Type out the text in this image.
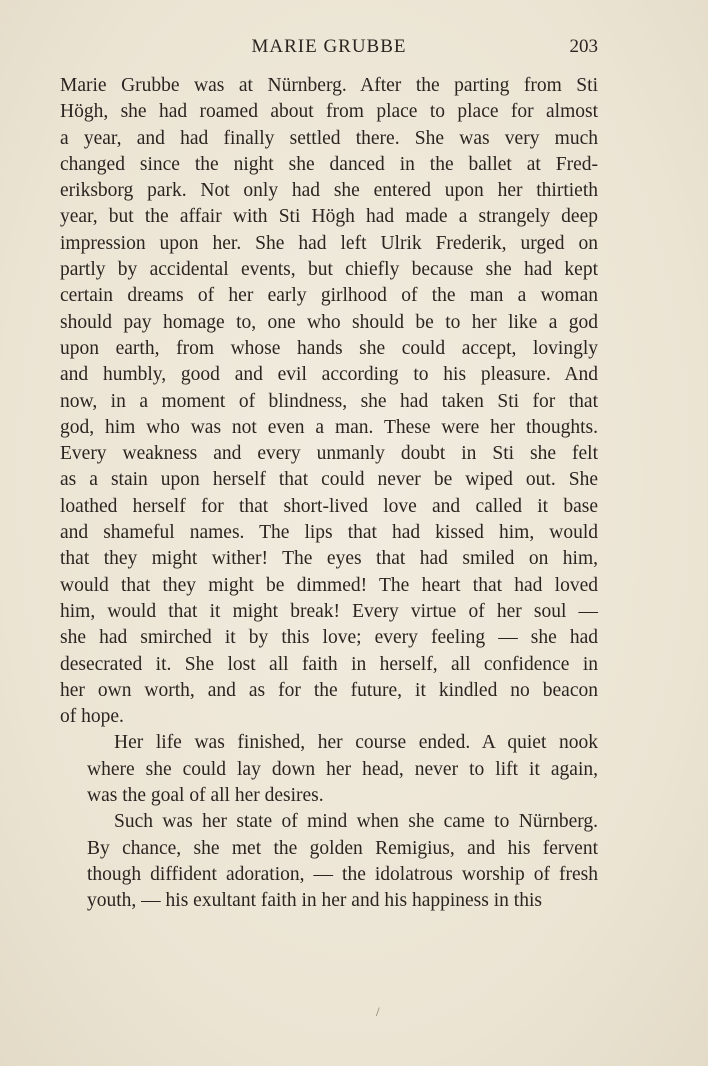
MARIE GRUBBE	203

Marie Grubbe was at Nürnberg. After the parting from Sti
Högh, she had roamed about from place to place for almost
a year, and had finally settled there. She was very much
changed since the night she danced in the ballet at Fred-
eriksborg park. Not only had she entered upon her thirtieth
year, but the affair with Sti Högh had made a strangely deep
impression upon her. She had left Ulrik Frederik, urged on
partly by accidental events, but chiefly because she had kept
certain dreams of her early girlhood of the man a woman
should pay homage to, one who should be to her like a god
upon earth, from whose hands she could accept, lovingly
and humbly, good and evil according to his pleasure. And
now, in a moment of blindness, she had taken Sti for that
god, him who was not even a man. These were her thoughts.
Every weakness and every unmanly doubt in Sti she felt
as a stain upon herself that could never be wiped out. She
loathed herself for that short-lived love and called it base
and shameful names. The lips that had kissed him, would
that they might wither! The eyes that had smiled on him,
would that they might be dimmed! The heart that had loved
him, would that it might break! Every virtue of her soul —
she had smirched it by this love; every feeling — she had
desecrated it. She lost all faith in herself, all confidence in
her own worth, and as for the future, it kindled no beacon
of hope.

Her life was finished, her course ended. A quiet nook
where she could lay down her head, never to lift it again,
was the goal of all her desires.

Such was her state of mind when she came to Nürnberg.
By chance, she met the golden Remigius, and his fervent
though diffident adoration, — the idolatrous worship of fresh
youth, — his exultant faith in her and his happiness in this

/
